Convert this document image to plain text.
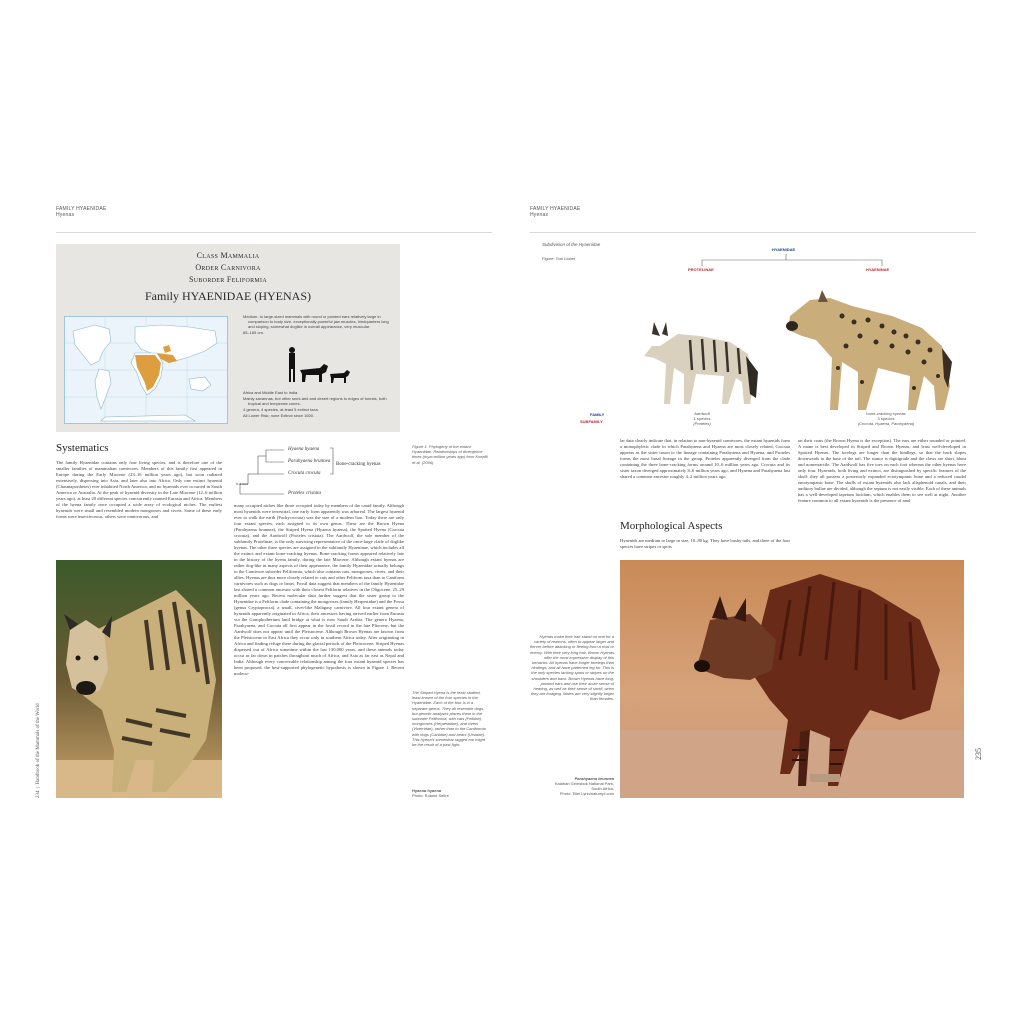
FAMILY HYAENIDAE
Hyenas
Class Mammalia
Order Carnivora
Suborder Feliformia
Family HYAENIDAE (HYENAS)

Medium- to large-sized mammals with round or pointed ears relatively large in comparison to body size, exceptionally powerful jaw muscles, hindquarters long and sloping, somewhat doglike in overall appearance, very muscular.

85–185 cm.

Africa and Middle East to India.

Mainly savannas, but other semi-arid and desert regions to edges of forests, both tropical and temperate zones.

4 genera, 4 species, at least 5 extinct taxa.

All Lower Risk; none Extinct since 1600.

Systematics

The family Hyaenidae contains only four living species, and is therefore one of the smaller families of mammalian carnivores. Members of this family first appeared in Europe during the Early Miocene (23–16 million years ago), but soon radiated extensively, dispersing into Asia, and later also into Africa. Only one extinct hyaenid (Chasmaporthetes) ever inhabited North America, and no hyaenids ever occurred in South America or Australia. At the peak of hyaenid diversity in the Late Miocene (12–6 million years ago), at least 20 different species concurrently roamed Eurasia and Africa. Members of the hyena family once occupied a wide array of ecological niches. The earliest hyaenids were small and resembled modern mongooses and civets. Some of these early forms were insectivorous, others were omnivorous, and

Hyaena hyaena
Parahyaena brunnea
Crocuta crocuta
Proteles cristata
Bone-cracking hyenas
8–6 mya
Figure 1. Phylogeny of the extant Hyaenidae. Relationships of divergence times (mya=million years ago) from Koepfli et al. (2006).

many occupied niches like those occupied today by members of the canid family. Although most hyaenids were terrestrial, one early form apparently was arboreal. The largest hyaenid ever to walk the earth (Pachycrocuta) was the size of a modern lion. Today there are only four extant species, each assigned to its own genus. These are the Brown Hyena (Parahyaena brunnea), the Striped Hyena (Hyaena hyaena), the Spotted Hyena (Crocuta crocuta), and the Aardwolf (Proteles cristata). The Aardwolf, the sole member of the subfamily Protelinae, is the only surviving representative of the once-large clade of doglike hyenas. The other three species are assigned to the subfamily Hyaeninae, which includes all the extinct and extant bone-cracking hyenas. Bone-cracking forms appeared relatively late in the history of the hyena family, during the late Miocene. Although extant hyenas are rather dog-like in many aspects of their appearance, the family Hyaenidae actually belongs to the Carnivore suborder Feliformia, which also contains cats, mongooses, civets, and their allies. Hyenas are thus more closely related to cats and other Feliform taxa than to Caniform carnivores such as dogs or bears. Fossil data suggest that members of the family Hyaenidae last shared a common ancestor with their closest Feliform relatives in the Oligocene, 25–29 million years ago. Recent molecular data further suggest that the sister group to the Hyaenidae is a Feliform clade containing the mongooses (family Herpestidae) and the Fossa (genus Cryptoprocta), a small, civet-like Malagasy carnivore. All four extant genera of hyaenids apparently originated in Africa, their ancestors having arrived earlier from Eurasia via the Gomphotherium land bridge at what is now Saudi Arabia. The genera Hyaena, Parahyaena, and Crocuta all first appear in the fossil record in the late Pliocene, but the Aardwolf does not appear until the Pleistocene. Although Brown Hyenas are known from the Pleistocene in East Africa they occur only in southern Africa today. After originating in Africa and finding refuge there during the glacial periods of the Pleistocene, Striped Hyenas dispersed out of Africa sometime within the last 130,000 years, and these animals today occur as far down in patches throughout much of Africa, and Asia as far east as Nepal and India. Although every conceivable relationship among the four extant hyaenid species has been proposed, the best-supported phylogenetic hypothesis is shown in Figure 1. Recent molecu-

234  |  Handbook of the Mammals of the World
The Striped Hyena is the least studied, least known of the four species in the Hyaenidae. Each of the four is in a separate genus. They all resemble dogs, but genetic analyses places them in the suborder Feliformia, with cats (Felidae), mongooses (Herpestidae), and civets (Viverridae), rather than to the Caniformia with dogs (Canidae) and bears (Ursidae). This hyena's somewhat ragged ear might be the result of a past fight.
Hyaena hyaena
Photo: Roland Seitre
FAMILY HYAENIDAE
Hyenas
Subdivision of the Hyaenidae
Figure: Toni Llobet
HYAENIDAE
PROTELINAE	HYAENINAE
FAMILY
SUBFAMILY
Aardwolf
1 species
(Proteles)
bone-cracking hyenas
3 species
(Crocuta, Hyaena, Parahyaena)

lar data clearly indicate that, in relation to non-hyaenid carnivores, the extant hyaenids form a monophyletic clade in which Parahyaena and Hyaena are most closely related, Crocuta appears as the sister taxon to the lineage containing Parahyaena and Hyaena, and Proteles forms the most basal lineage in the group. Proteles apparently diverged from the clade containing the three bone-cracking forms around 10–6 million years ago. Crocuta and its sister taxon diverged approximately 8–6 million years ago, and Hyaena and Parahyaena last shared a common ancestor roughly 4–2 million years ago.

Morphological Aspects

Hyaenids are medium to large in size, 10–80 kg. They have bushy tails, and three of the four species have stripes or spots

on their coats (the Brown Hyena is the exception). The ears are either rounded or pointed. A mane is best developed in Striped and Brown Hyenas, and least well-developed in Spotted Hyenas. The forelegs are longer than the hindlegs, so that the back slopes downwards to the base of the tail. The stance is digitigrade and the claws are short, blunt and nonretractile. The Aardwolf has five toes on each foot whereas the other hyenas have only four. Hyaenids, both living and extinct, are distinguished by specific features of the skull: they all possess a posteriorly expanded ectotympanic bone and a reduced caudal entotympanic bone. The skulls of extant hyaenids also lack alisphenoid canals, and their auditory bullae are divided, although the septum is not easily visible. Each of these animals has a well-developed tapetum lucidum, which enables them to see well at night. Another feature common to all extant hyaenids is the presence of anal

Hyenas make their hair stand on end for a variety of reasons, often to appear larger and fiercer before attacking or fleeing from a rival or enemy. With their very long hair, Brown Hyenas offer the most impressive display of this behavior. All hyenas have longer forelegs than hindlegs, and all have patterned leg fur. This is the only species lacking spots or stripes on the shoulders and back. Brown Hyenas have long, pointed ears and use their acute sense of hearing, as well as their sense of smell, when they are foraging. Males are very slightly larger than females.
Parahyaena brunnea
Kalahari Gemsbok National Park,
South Africa.
Photo: Ellel Lynn/naturepl.com
235
